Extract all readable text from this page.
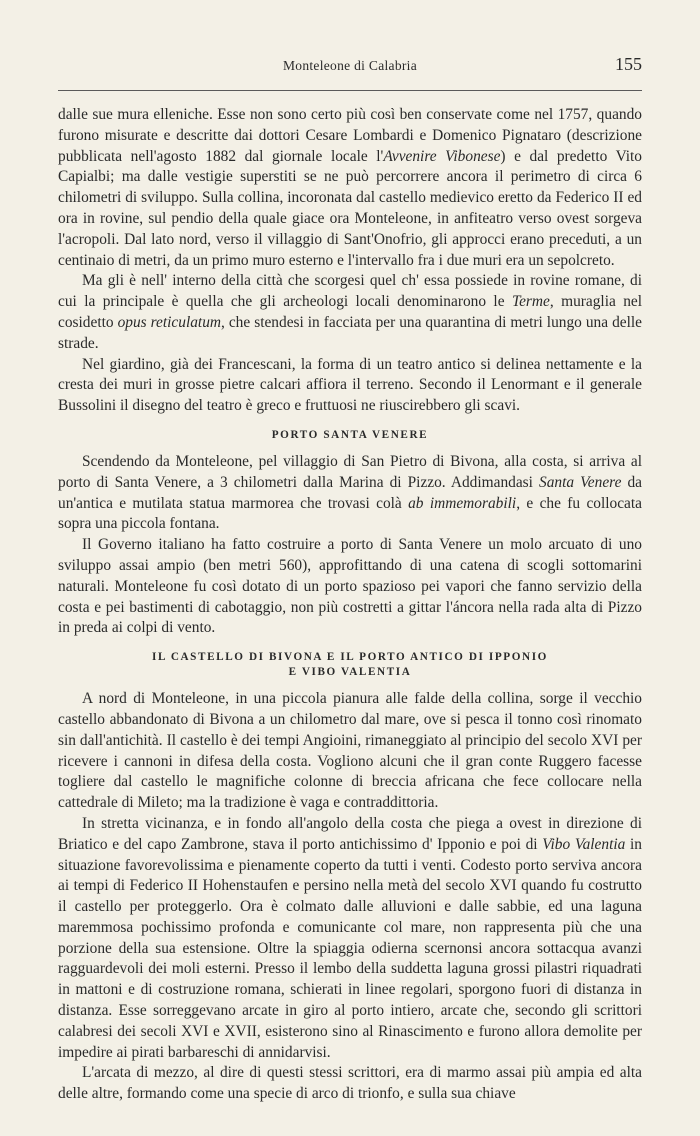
Monteleone di Calabria	155

dalle sue mura elleniche. Esse non sono certo più così ben conservate come nel 1757, quando furono misurate e descritte dai dottori Cesare Lombardi e Domenico Pignataro (descrizione pubblicata nell'agosto 1882 dal giornale locale l'Avvenire Vibonese) e dal predetto Vito Capialbi; ma dalle vestigie superstiti se ne può percorrere ancora il perimetro di circa 6 chilometri di sviluppo. Sulla collina, incoronata dal castello medievico eretto da Federico II ed ora in rovine, sul pendio della quale giace ora Monteleone, in anfiteatro verso ovest sorgeva l'acropoli. Dal lato nord, verso il villaggio di Sant'Onofrio, gli approcci erano preceduti, a un centinaio di metri, da un primo muro esterno e l'intervallo fra i due muri era un sepolcreto.

Ma gli è nell' interno della città che scorgesi quel ch' essa possiede in rovine romane, di cui la principale è quella che gli archeologi locali denominarono le Terme, muraglia nel cosidetto opus reticulatum, che stendesi in facciata per una quarantina di metri lungo una delle strade.

Nel giardino, già dei Francescani, la forma di un teatro antico si delinea nettamente e la cresta dei muri in grosse pietre calcari affiora il terreno. Secondo il Lenormant e il generale Bussolini il disegno del teatro è greco e fruttuosi ne riuscirebbero gli scavi.

PORTO SANTA VENERE

Scendendo da Monteleone, pel villaggio di San Pietro di Bivona, alla costa, si arriva al porto di Santa Venere, a 3 chilometri dalla Marina di Pizzo. Addimandasi Santa Venere da un'antica e mutilata statua marmorea che trovasi colà ab immemorabili, e che fu collocata sopra una piccola fontana.

Il Governo italiano ha fatto costruire a porto di Santa Venere un molo arcuato di uno sviluppo assai ampio (ben metri 560), approfittando di una catena di scogli sottomarini naturali. Monteleone fu così dotato di un porto spazioso pei vapori che fanno servizio della costa e pei bastimenti di cabotaggio, non più costretti a gittar l'áncora nella rada alta di Pizzo in preda ai colpi di vento.

IL CASTELLO DI BIVONA E IL PORTO ANTICO DI IPPONIO
E VIBO VALENTIA

A nord di Monteleone, in una piccola pianura alle falde della collina, sorge il vecchio castello abbandonato di Bivona a un chilometro dal mare, ove si pesca il tonno così rinomato sin dall'antichità. Il castello è dei tempi Angioini, rimaneggiato al principio del secolo XVI per ricevere i cannoni in difesa della costa. Vogliono alcuni che il gran conte Ruggero facesse togliere dal castello le magnifiche colonne di breccia africana che fece collocare nella cattedrale di Mileto; ma la tradizione è vaga e contraddittoria.

In stretta vicinanza, e in fondo all'angolo della costa che piega a ovest in direzione di Briatico e del capo Zambrone, stava il porto antichissimo d' Ipponio e poi di Vibo Valentia in situazione favorevolissima e pienamente coperto da tutti i venti. Codesto porto serviva ancora ai tempi di Federico II Hohenstaufen e persino nella metà del secolo XVI quando fu costrutto il castello per proteggerlo. Ora è colmato dalle alluvioni e dalle sabbie, ed una laguna maremmosa pochissimo profonda e comunicante col mare, non rappresenta più che una porzione della sua estensione. Oltre la spiaggia odierna scernonsi ancora sottacqua avanzi ragguardevoli dei moli esterni. Presso il lembo della suddetta laguna grossi pilastri riquadrati in mattoni e di costruzione romana, schierati in linee regolari, sporgono fuori di distanza in distanza. Esse sorreggevano arcate in giro al porto intiero, arcate che, secondo gli scrittori calabresi dei secoli XVI e XVII, esisterono sino al Rinascimento e furono allora demolite per impedire ai pirati barbareschi di annidarvisi.

L'arcata di mezzo, al dire di questi stessi scrittori, era di marmo assai più ampia ed alta delle altre, formando come una specie di arco di trionfo, e sulla sua chiave
